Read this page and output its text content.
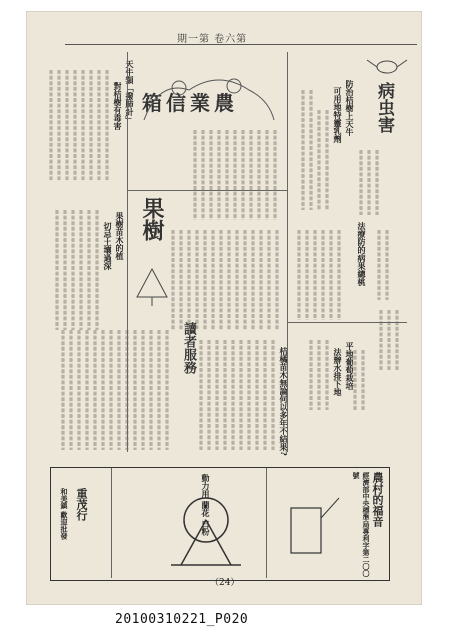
期一第 卷六第
病虫害
箱信業農
果樹
讀者服務
防治桔樹上天牛
可用地特靈乳劑
法療防的病果總桃
平地葡萄栽培
法辦水排下地
桔橘苗木無論何以多年不結果?
天牛類「撥肺針」
對桔樹有毒害
果樹苗木的植
切忌土壤過深
農村的福音
經濟部中央標準局專利字第二〇〇號
動力用 蘭花 白粉
重茂行
和美鎮 歡迎批發
（24）
20100310221_P020
